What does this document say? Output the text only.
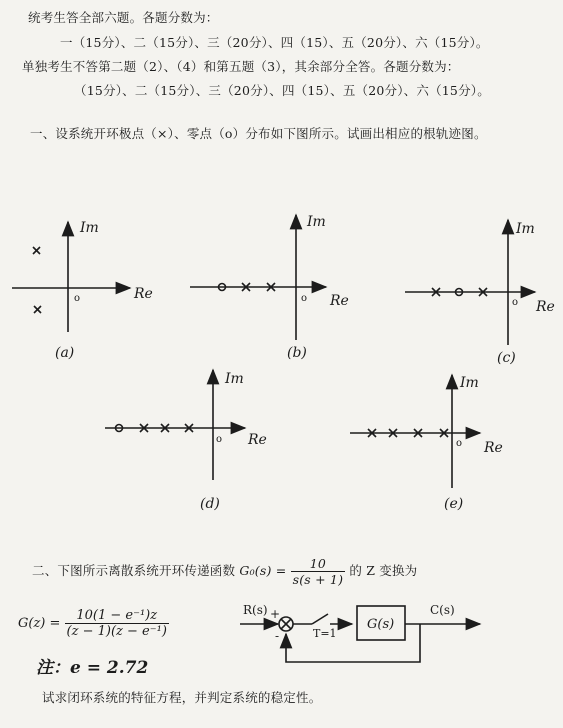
统考生答全部六题。各题分数为：
一（15分）、二（15分）、三（20分）、四（15）、五（20分）、六（15分）。
单独考生不答第二题（2）、（4）和第五题（3），其余部分全答。各题分数为：
（15分）、二（15分）、三（20分）、四（15）、五（20分）、六（15分）。
一、设系统开环极点（×）、零点（o）分布如下图所示。试画出相应的根轨迹图。
Im
Re
o
(a)
Im
Re
o
(b)
Im
Re
o
(c)
Im
Re
o
(d)
Im
Re
o
(e)
R(s) +
-	T=1
G(s)
C(s)
二、下图所示离散系统开环传递函数 $G_0(s) = \frac{10}{s(s + 1)}$ 的 Z 变换为
$G(z) = \frac{\text{10(1 − e⁻¹)z}}{\text{(z − 1)(z − e⁻¹)}}$
注：e = 2.72
试求闭环系统的特征方程，并判定系统的稳定性。
